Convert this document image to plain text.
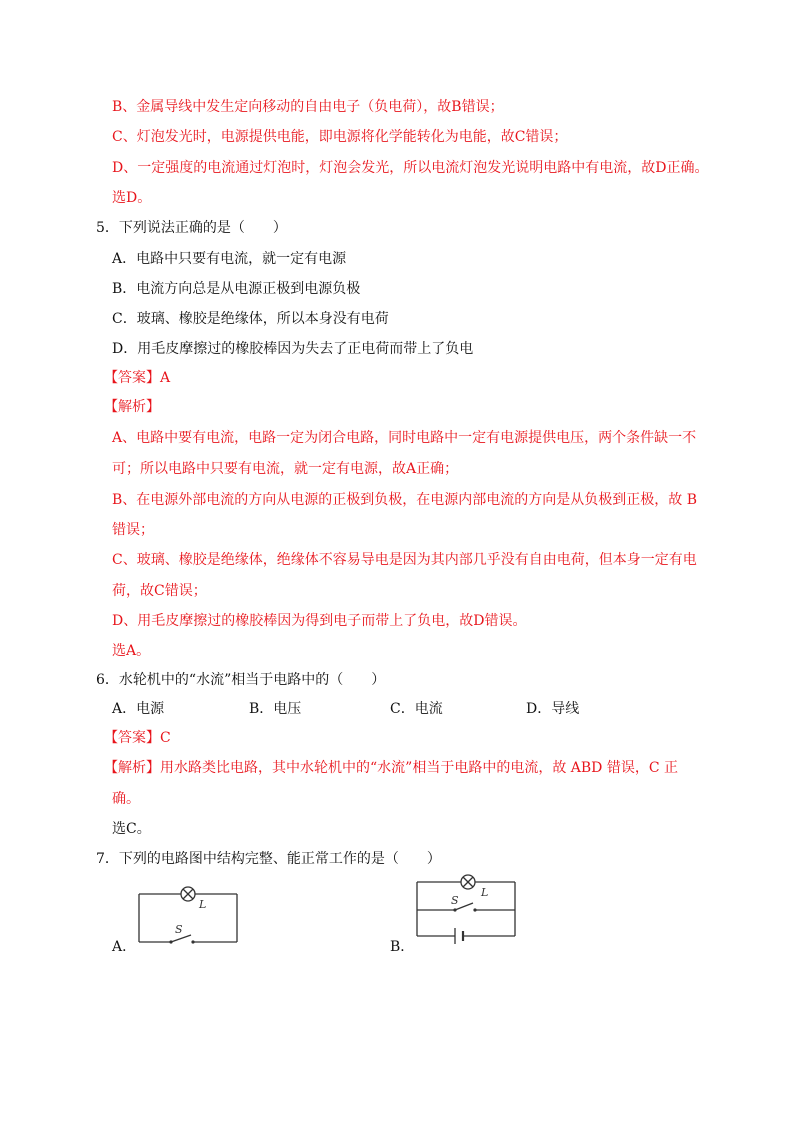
B、金属导线中发生定向移动的自由电子（负电荷），故B错误；
C、灯泡发光时，电源提供电能，即电源将化学能转化为电能，故C错误；
D、一定强度的电流通过灯泡时，灯泡会发光，所以电流灯泡发光说明电路中有电流，故D正确。
选D。
5．下列说法正确的是（　　）
A．电路中只要有电流，就一定有电源
B．电流方向总是从电源正极到电源负极
C．玻璃、橡胶是绝缘体，所以本身没有电荷
D．用毛皮摩擦过的橡胶棒因为失去了正电荷而带上了负电
【答案】A
【解析】
A、电路中要有电流，电路一定为闭合电路，同时电路中一定有电源提供电压，两个条件缺一不
可；所以电路中只要有电流，就一定有电源，故A正确；
B、在电源外部电流的方向从电源的正极到负极，在电源内部电流的方向是从负极到正极，故 B
错误；
C、玻璃、橡胶是绝缘体，绝缘体不容易导电是因为其内部几乎没有自由电荷，但本身一定有电
荷，故C错误；
D、用毛皮摩擦过的橡胶棒因为得到电子而带上了负电，故D错误。
选A。
6．水轮机中的“水流”相当于电路中的（　　）
A．电源	B．电压	C．电流	D．导线
【答案】C
【解析】用水路类比电路，其中水轮机中的“水流”相当于电路中的电流，故 ABD 错误，C 正
确。
选C。
7．下列的电路图中结构完整、能正常工作的是（　　）
A．	B．
L
S
L
S
